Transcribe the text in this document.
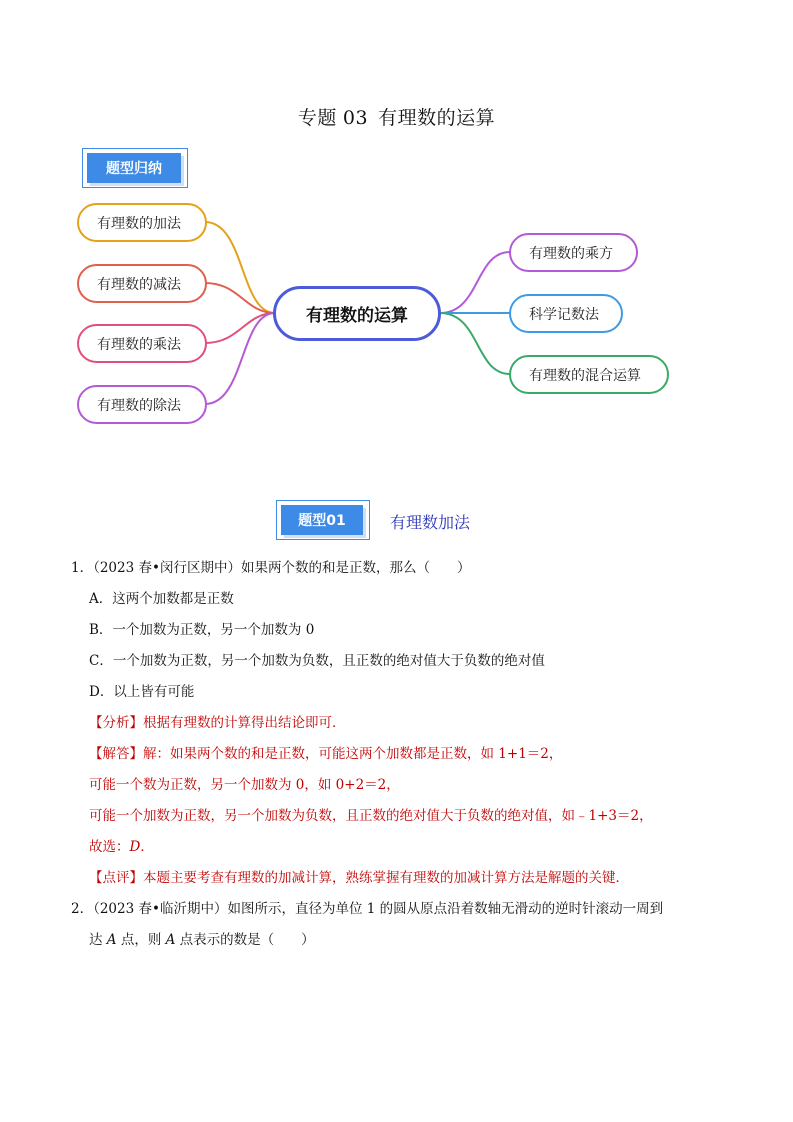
专题 03 有理数的运算
题型归纳
有理数的运算
有理数的加法
有理数的减法
有理数的乘法
有理数的除法
有理数的乘方
科学记数法
有理数的混合运算
题型01	有理数加法
1．（2023 春•闵行区期中）如果两个数的和是正数，那么（　　）
A．这两个加数都是正数
B．一个加数为正数，另一个加数为 0
C．一个加数为正数，另一个加数为负数，且正数的绝对值大于负数的绝对值
D．以上皆有可能
【分析】根据有理数的计算得出结论即可．
【解答】解：如果两个数的和是正数，可能这两个加数都是正数，如 1+1＝2，
可能一个数为正数，另一个加数为 0，如 0+2＝2，
可能一个加数为正数，另一个加数为负数，且正数的绝对值大于负数的绝对值，如﹣1+3＝2，
故选：D．
【点评】本题主要考查有理数的加减计算，熟练掌握有理数的加减计算方法是解题的关键．
2．（2023 春•临沂期中）如图所示，直径为单位 1 的圆从原点沿着数轴无滑动的逆时针滚动一周到
达 A 点，则 A 点表示的数是（　　）
